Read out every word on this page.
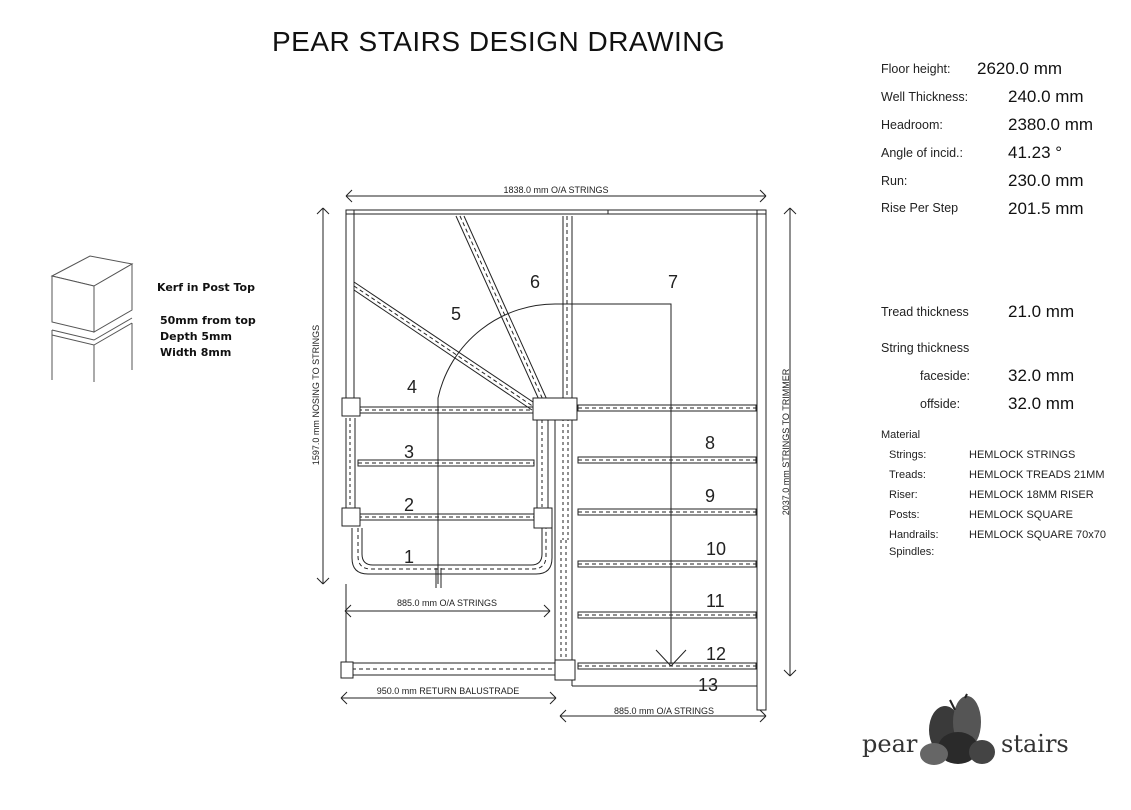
PEAR STAIRS DESIGN DRAWING
Floor height: 2620.0 mm
Well Thickness: 240.0 mm
Headroom:	2380.0 mm
Angle of incid.:	41.23 °
Run:	230.0 mm
Rise Per Step	201.5 mm
Tread thickness 21.0 mm
String thickness
faceside: 32.0 mm
offside:	32.0 mm
Material
Strings:	HEMLOCK STRINGS
Treads:	HEMLOCK TREADS 21MM
Riser:	HEMLOCK 18MM RISER
Posts:	HEMLOCK SQUARE
Handrails:	HEMLOCK SQUARE 70x70
Spindles:
Kerf in Post Top
50mm from top
Depth 5mm
Width 8mm
1
2
3
4
5
6	7
8
9
10
11
12
13
1838.0 mm O/A STRINGS
1597.0 mm NOSING TO STRINGS	2037.0 mm STRINGS TO TRIMMER
885.0 mm O/A STRINGS
950.0 mm RETURN BALUSTRADE
885.0 mm O/A STRINGS
pear	stairs
